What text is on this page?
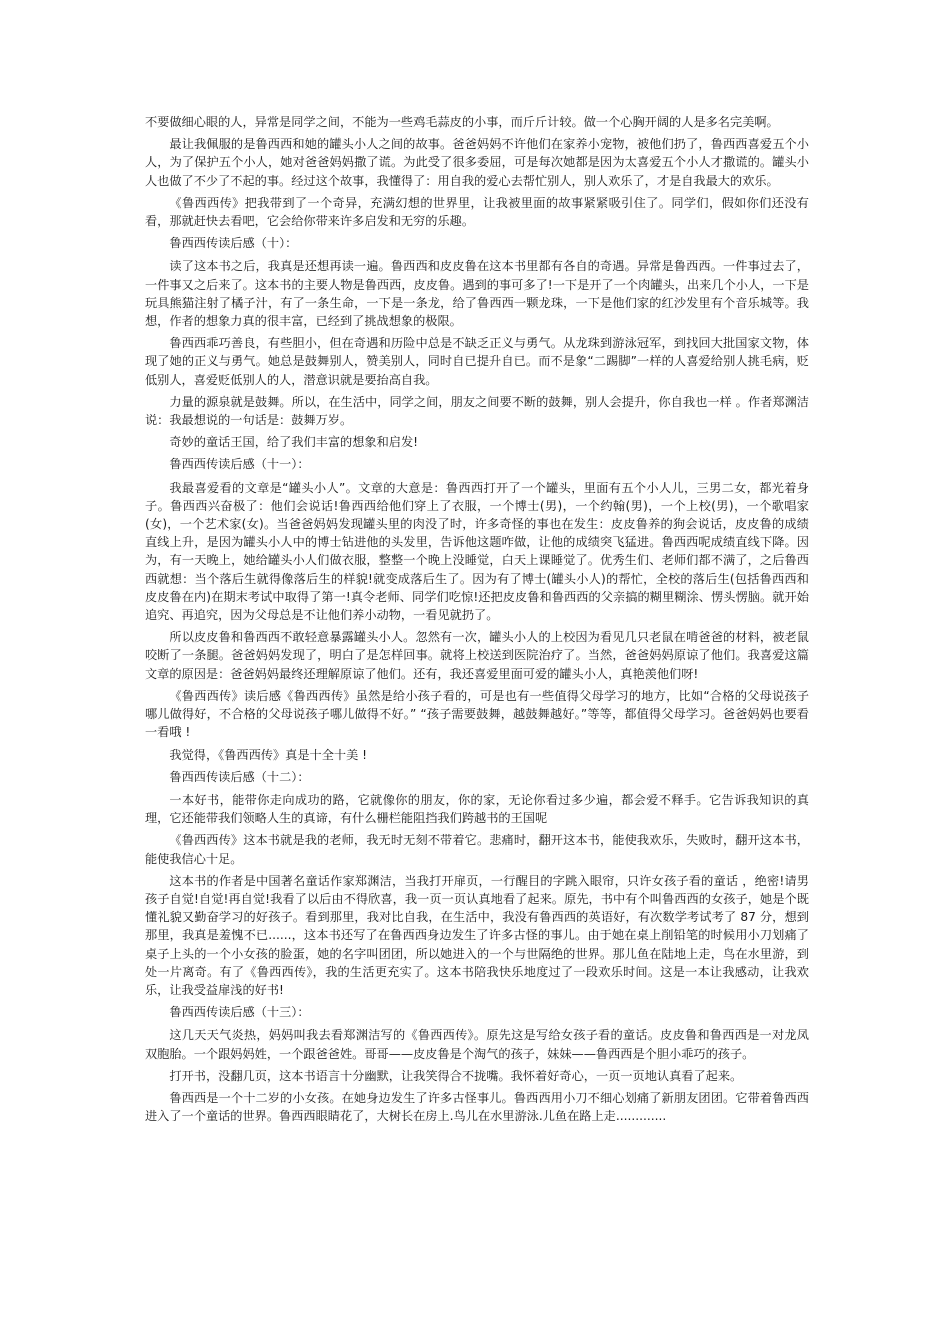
不要做细心眼的人，异常是同学之间，不能为一些鸡毛蒜皮的小事，而斤斤计较。做一个心胸开阔的人是多名完美啊。

最让我佩服的是鲁西西和她的罐头小人之间的故事。爸爸妈妈不许他们在家养小宠物，被他们扔了，鲁西西喜爱五个小人，为了保护五个小人，她对爸爸妈妈撒了谎。为此受了很多委屈，可是每次她都是因为太喜爱五个小人才撒谎的。罐头小人也做了不少了不起的事。经过这个故事，我懂得了：用自我的爱心去帮忙别人，别人欢乐了，才是自我最大的欢乐。

《鲁西西传》把我带到了一个奇异，充满幻想的世界里，让我被里面的故事紧紧吸引住了。同学们，假如你们还没有看，那就赶快去看吧，它会给你带来许多启发和无穷的乐趣。

鲁西西传读后感（十）：

读了这本书之后，我真是还想再读一遍。鲁西西和皮皮鲁在这本书里都有各自的奇遇。异常是鲁西西。一件事过去了，一件事又之后来了。这本书的主要人物是鲁西西，皮皮鲁。遇到的事可多了!一下是开了一个肉罐头，出来几个小人，一下是玩具熊猫注射了橘子汁，有了一条生命，一下是一条龙，给了鲁西西一颗龙珠，一下是他们家的红沙发里有个音乐城等。我想，作者的想象力真的很丰富，已经到了挑战想象的极限。

鲁西西乖巧善良，有些胆小，但在奇遇和历险中总是不缺乏正义与勇气。从龙珠到游泳冠军，到找回大批国家文物，体现了她的正义与勇气。她总是鼓舞别人，赞美别人，同时自已提升自已。而不是象“二踢脚”一样的人喜爱给别人挑毛病，贬低别人，喜爱贬低别人的人，潜意识就是要抬高自我。

力量的源泉就是鼓舞。所以，在生活中，同学之间，朋友之间要不断的鼓舞，别人会提升，你自我也一样 。作者郑渊洁说：我最想说的一句话是：鼓舞万岁。

奇妙的童话王国，给了我们丰富的想象和启发!

鲁西西传读后感（十一）：

我最喜爱看的文章是“罐头小人”。文章的大意是：鲁西西打开了一个罐头，里面有五个小人儿，三男二女，都光着身子。鲁西西兴奋极了：他们会说话!鲁西西给他们穿上了衣服，一个博士(男)，一个约翰(男)，一个上校(男)，一个歌唱家(女)，一个艺术家(女)。当爸爸妈妈发现罐头里的肉没了时，许多奇怪的事也在发生：皮皮鲁养的狗会说话，皮皮鲁的成绩直线上升，是因为罐头小人中的博士钻进他的头发里，告诉他这题咋做，让他的成绩突飞猛进。鲁西西呢成绩直线下降。因为，有一天晚上，她给罐头小人们做衣服，整整一个晚上没睡觉，白天上课睡觉了。优秀生们、老师们都不满了，之后鲁西西就想：当个落后生就得像落后生的样貌!就变成落后生了。因为有了博士(罐头小人)的帮忙，全校的落后生(包括鲁西西和皮皮鲁在内)在期末考试中取得了第一!真令老师、同学们吃惊!还把皮皮鲁和鲁西西的父亲搞的糊里糊涂、愣头愣脑。就开始追究、再追究，因为父母总是不让他们养小动物，一看见就扔了。

所以皮皮鲁和鲁西西不敢轻意暴露罐头小人。忽然有一次，罐头小人的上校因为看见几只老鼠在啃爸爸的材料，被老鼠咬断了一条腿。爸爸妈妈发现了，明白了是怎样回事。就将上校送到医院治疗了。当然，爸爸妈妈原谅了他们。我喜爱这篇文章的原因是：爸爸妈妈最终还理解原谅了他们。还有，我还喜爱里面可爱的罐头小人，真艳羡他们呀!

《鲁西西传》读后感《鲁西西传》虽然是给小孩子看的，可是也有一些值得父母学习的地方，比如“合格的父母说孩子哪儿做得好，不合格的父母说孩子哪儿做得不好。” “孩子需要鼓舞，越鼓舞越好。”等等，都值得父母学习。爸爸妈妈也要看一看哦 !

我觉得，《鲁西西传》真是十全十美 !

鲁西西传读后感（十二）：

一本好书，能带你走向成功的路，它就像你的朋友，你的家，无论你看过多少遍，都会爱不释手。它告诉我知识的真理，它还能带我们领略人生的真谛，有什么栅栏能阻挡我们跨越书的王国呢

《鲁西西传》这本书就是我的老师，我无时无刻不带着它。悲痛时，翻开这本书，能使我欢乐，失败时，翻开这本书，能使我信心十足。

这本书的作者是中国著名童话作家郑渊洁，当我打开扉页，一行醒目的字跳入眼帘，只许女孩子看的童话 ，绝密!请男孩子自觉!自觉!再自觉!我看了以后由不得欣喜，我一页一页认真地看了起来。原先，书中有个叫鲁西西的女孩子，她是个既懂礼貌又勤奋学习的好孩子。看到那里，我对比自我，在生活中，我没有鲁西西的英语好，有次数学考试考了 87 分，想到那里，我真是羞愧不已......，这本书还写了在鲁西西身边发生了许多古怪的事儿。由于她在桌上削铅笔的时候用小刀划痛了桌子上头的一个小女孩的脸蛋，她的名字叫团团，所以她进入的一个与世隔绝的世界。那儿鱼在陆地上走，鸟在水里游，到处一片离奇。有了《鲁西西传》，我的生活更充实了。这本书陪我快乐地度过了一段欢乐时间。这是一本让我感动，让我欢乐，让我受益扉浅的好书!

鲁西西传读后感（十三）：

这几天天气炎热，妈妈叫我去看郑渊洁写的《鲁西西传》。原先这是写给女孩子看的童话。皮皮鲁和鲁西西是一对龙凤双胞胎。一个跟妈妈姓，一个跟爸爸姓。哥哥——皮皮鲁是个淘气的孩子，妹妹——鲁西西是个胆小乖巧的孩子。

打开书，没翻几页，这本书语言十分幽默，让我笑得合不拢嘴。我怀着好奇心，一页一页地认真看了起来。

鲁西西是一个十二岁的小女孩。在她身边发生了许多古怪事儿。鲁西西用小刀不细心划痛了新朋友团团。它带着鲁西西进入了一个童话的世界。鲁西西眼睛花了，大树长在房上.鸟儿在水里游泳.儿鱼在路上走.............
